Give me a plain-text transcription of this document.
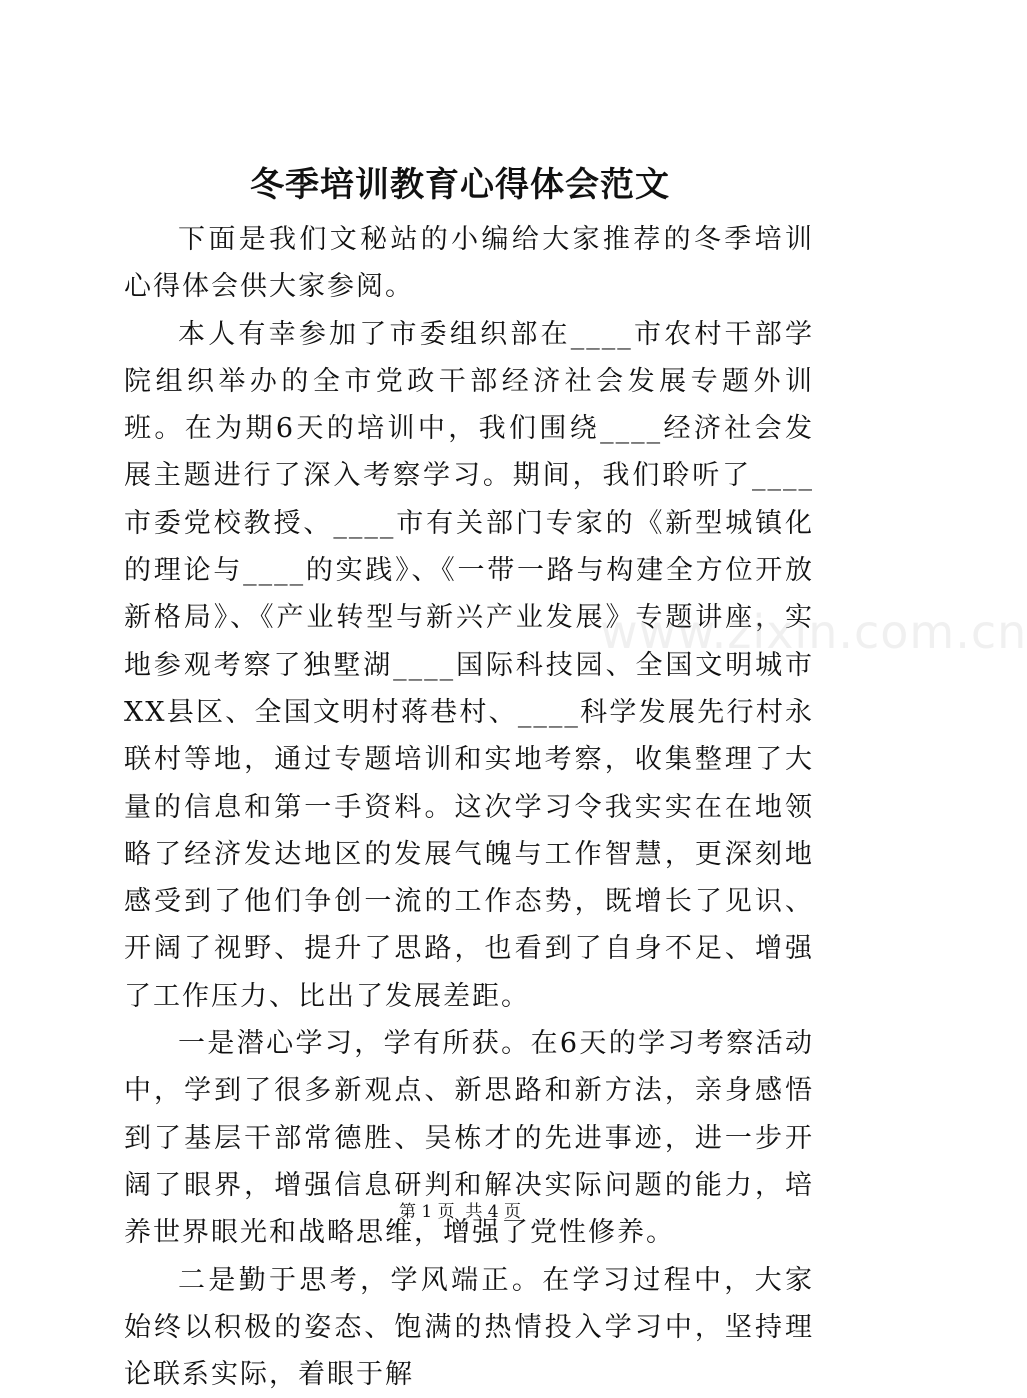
冬季培训教育心得体会范文

下面是我们文秘站的小编给大家推荐的冬季培训心得体会供大家参阅。

本人有幸参加了市委组织部在____市农村干部学院组织举办的全市党政干部经济社会发展专题外训班。在为期6天的培训中，我们围绕____经济社会发展主题进行了深入考察学习。期间，我们聆听了____市委党校教授、____市有关部门专家的《新型城镇化的理论与____的实践》、《一带一路与构建全方位开放新格局》、《产业转型与新兴产业发展》专题讲座，实地参观考察了独墅湖____国际科技园、全国文明城市XX县区、全国文明村蒋巷村、____科学发展先行村永联村等地，通过专题培训和实地考察，收集整理了大量的信息和第一手资料。这次学习令我实实在在地领略了经济发达地区的发展气魄与工作智慧，更深刻地感受到了他们争创一流的工作态势，既增长了见识、开阔了视野、提升了思路，也看到了自身不足、增强了工作压力、比出了发展差距。

一是潜心学习，学有所获。在6天的学习考察活动中，学到了很多新观点、新思路和新方法，亲身感悟到了基层干部常德胜、吴栋才的先进事迹，进一步开阔了眼界，增强信息研判和解决实际问题的能力，培养世界眼光和战略思维，增强了党性修养。

二是勤于思考，学风端正。在学习过程中，大家始终以积极的姿态、饱满的热情投入学习中，坚持理论联系实际，着眼于解

www.zixin.com.cn
第 1 页  共 4 页
